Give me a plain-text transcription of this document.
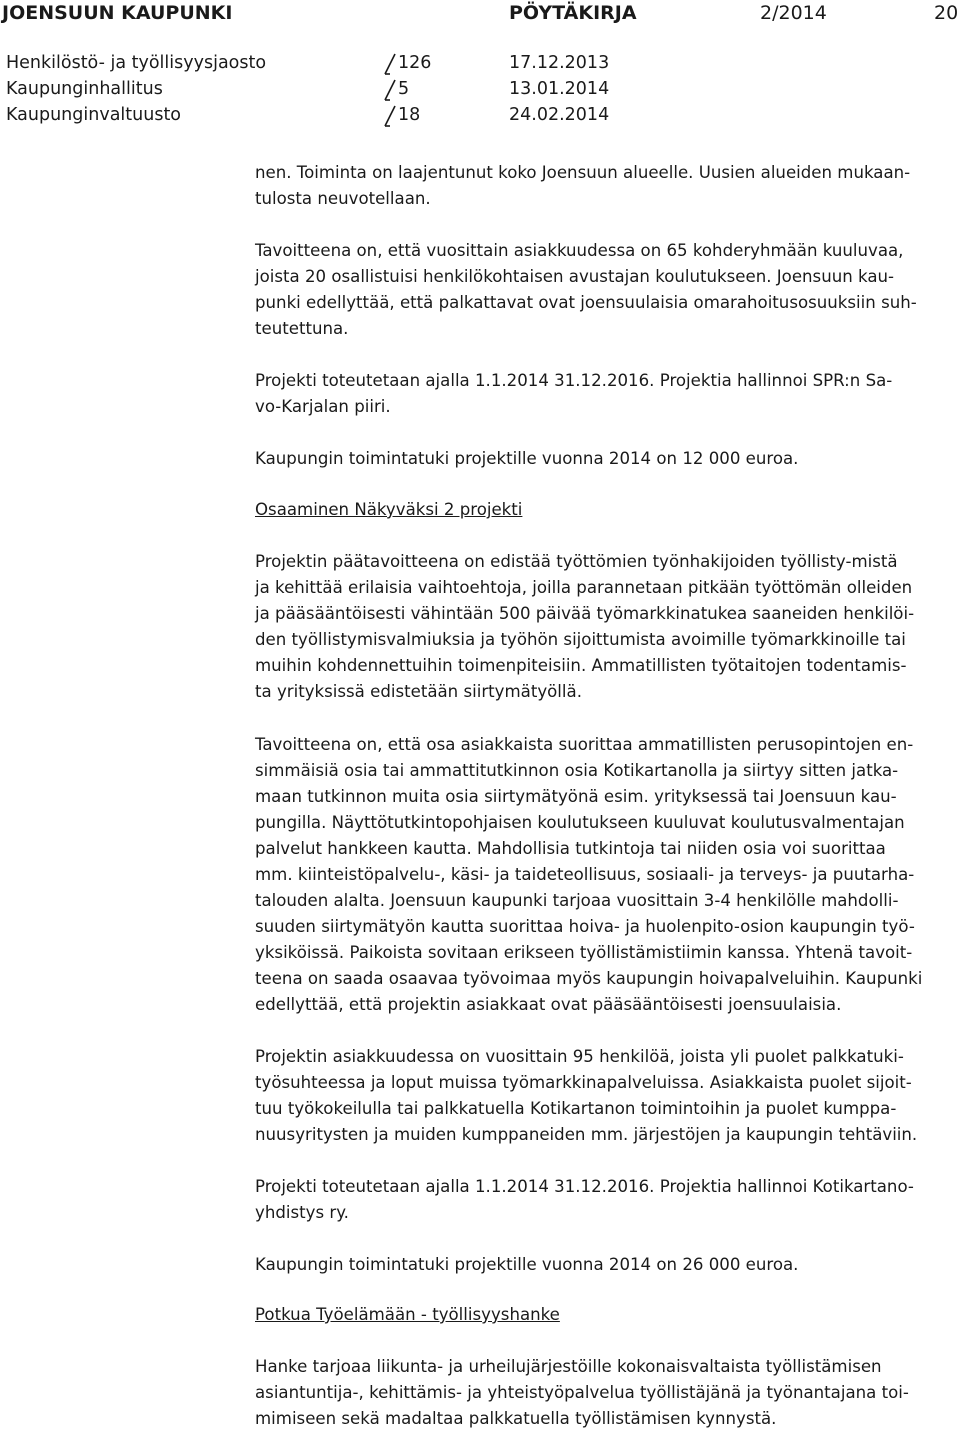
JOENSUUN KAUPUNKI	PÖYTÄKIRJA	2/2014	20
Henkilöstö- ja työllisyysjaosto	126	17.12.2013
Kaupunginhallitus	5	13.01.2014
Kaupunginvaltuusto	18	24.02.2014
nen. Toiminta on laajentunut koko Joensuun alueelle. Uusien alueiden mukaan-
tulosta neuvotellaan.
Tavoitteena on, että vuosittain asiakkuudessa on 65 kohderyhmään kuuluvaa,
joista 20 osallistuisi henkilökohtaisen avustajan koulutukseen. Joensuun kau-
punki edellyttää, että palkattavat ovat joensuulaisia omarahoitusosuuksiin suh-
teutettuna.
Projekti toteutetaan ajalla 1.1.2014 31.12.2016. Projektia hallinnoi SPR:n Sa-
vo-Karjalan piiri.
Kaupungin toimintatuki projektille vuonna 2014 on 12 000 euroa.
Osaaminen Näkyväksi 2 projekti
Projektin päätavoitteena on edistää työttömien työnhakijoiden työllisty-mistä
ja kehittää erilaisia vaihtoehtoja, joilla parannetaan pitkään työttömän olleiden
ja pääsääntöisesti vähintään 500 päivää työmarkkinatukea saaneiden henkilöi-
den työllistymisvalmiuksia ja työhön sijoittumista avoimille työmarkkinoille tai
muihin kohdennettuihin toimenpiteisiin. Ammatillisten työtaitojen todentamis-
ta yrityksissä edistetään siirtymätyöllä.
Tavoitteena on, että osa asiakkaista suorittaa ammatillisten perusopintojen en-
simmäisiä osia tai ammattitutkinnon osia Kotikartanolla ja siirtyy sitten jatka-
maan tutkinnon muita osia siirtymätyönä esim. yrityksessä tai Joensuun kau-
pungilla. Näyttötutkintopohjaisen koulutukseen kuuluvat koulutusvalmentajan
palvelut hankkeen kautta. Mahdollisia tutkintoja tai niiden osia voi suorittaa
mm. kiinteistöpalvelu-, käsi- ja taideteollisuus, sosiaali- ja terveys- ja puutarha-
talouden alalta. Joensuun kaupunki tarjoaa vuosittain 3-4 henkilölle mahdolli-
suuden siirtymätyön kautta suorittaa hoiva- ja huolenpito-osion kaupungin työ-
yksiköissä. Paikoista sovitaan erikseen työllistämistiimin kanssa. Yhtenä tavoit-
teena on saada osaavaa työvoimaa myös kaupungin hoivapalveluihin. Kaupunki
edellyttää, että projektin asiakkaat ovat pääsääntöisesti joensuulaisia.
Projektin asiakkuudessa on vuosittain 95 henkilöä, joista yli puolet palkkatuki-
työsuhteessa ja loput muissa työmarkkinapalveluissa. Asiakkaista puolet sijoit-
tuu työkokeilulla tai palkkatuella Kotikartanon toimintoihin ja puolet kumppa-
nuusyritysten ja muiden kumppaneiden mm. järjestöjen ja kaupungin tehtäviin.
Projekti toteutetaan ajalla 1.1.2014 31.12.2016. Projektia hallinnoi Kotikartano-
yhdistys ry.
Kaupungin toimintatuki projektille vuonna 2014 on 26 000 euroa.
Potkua Työelämään - työllisyyshanke
Hanke tarjoaa liikunta- ja urheilujärjestöille kokonaisvaltaista työllistämisen
asiantuntija-, kehittämis- ja yhteistyöpalvelua työllistäjänä ja työnantajana toi-
mimiseen sekä madaltaa palkkatuella työllistämisen kynnystä.
